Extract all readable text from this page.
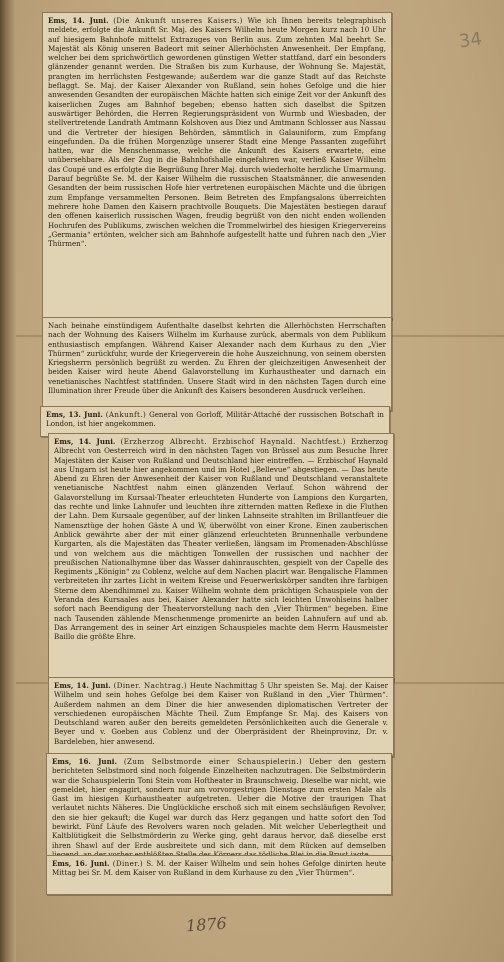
Ems, 14. Juni. (Die Ankunft unseres Kaisers.) Wie ich Ihnen bereits telegraphisch meldete, erfolgte die Ankunft Sr. Maj. des Kaisers Wilhelm heute Morgen kurz nach 10 Uhr auf hiesigem Bahnhofe mittelst Extrazuges von Berlin aus. Zum zehnten Mal beehrt Se. Majestät als König unseren Badeort mit seiner Allerhöchsten Anwesenheit. Der Empfang, welcher bei dem sprichwörtlich gewordenen günstigen Wetter stattfand, darf ein besonders glänzender genannt werden. Die Straßen bis zum Kurhause, der Wohnung Se. Majestät, prangten im herrlichsten Festgewande; außerdem war die ganze Stadt auf das Reichste beflaggt. Se. Maj. der Kaiser Alexander von Rußland, sein hohes Gefolge und die hier anwesenden Gesandten der europäischen Mächte hatten sich einige Zeit vor der Ankunft des kaiserlichen Zuges am Bahnhof begeben; ebenso hatten sich daselbst die Spitzen auswärtiger Behörden, die Herren Regierungspräsident von Wurmb und Wiesbaden, der stellvertretende Landrath Amtmann Kolshoven aus Diez und Amtmann Schlosser aus Nassau und die Vertreter der hiesigen Behörden, sämmtlich in Galauniform, zum Empfang eingefunden. Da die frühen Morgenzüge unserer Stadt eine Menge Passanten zugeführt hatten, war die Menschenmasse, welche die Ankunft des Kaisers erwartete, eine unübersehbare. Als der Zug in die Bahnhofshalle eingefahren war, verließ Kaiser Wilhelm das Coupé und es erfolgte die Begrüßung Ihrer Maj. durch wiederholte herzliche Umarmung. Darauf begrüßte Se. M. der Kaiser Wilhelm die russischen Staatsmänner, die anwesenden Gesandten der beim russischen Hofe hier vertretenen europäischen Mächte und die übrigen zum Empfange versammelten Personen. Beim Betreten des Empfangsalons überreichten mehrere hohe Damen den Kaisern prachtvolle Bouquets. Die Majestäten bestiegen darauf den offenen kaiserlich russischen Wagen, freudig begrüßt von den nicht enden wollenden Hochrufen des Publikums, zwischen welchen die Trommelwirbel des hiesigen Kriegervereins „Germania“ ertönten, welcher sich am Bahnhofe aufgestellt hatte und fuhren nach den „Vier Thürmen“.

Nach beinahe einstündigem Aufenthalte daselbst kehrten die Allerhöchsten Herrschaften nach der Wohnung des Kaisers Wilhelm im Kurhause zurück, abermals von dem Publikum enthusiastisch empfangen. Während Kaiser Alexander nach dem Kurhaus zu den „Vier Thürmen“ zurückfuhr, wurde der Kriegerverein die hohe Auszeichnung, von seinem obersten Kriegsherrn persönlich begrüßt zu werden. Zu Ehren der gleichzeitigen Anwesenheit der beiden Kaiser wird heute Abend Galavorstellung im Kurhaustheater und darnach ein venetianisches Nachtfest stattfinden. Unsere Stadt wird in den nächsten Tagen durch eine Illumination ihrer Freude über die Ankunft des Kaisers besonderen Ausdruck verleihen.

Ems, 13. Juni. (Ankunft.) General von Gorloff, Militär-Attaché der russischen Botschaft in London, ist hier angekommen.

Ems, 14. Juni. (Erzherzog Albrecht. Erzbischof Haynald. Nachtfest.) Erzherzog Albrecht von Oesterreich wird in den nächsten Tagen von Brüssel aus zum Besuche Ihrer Majestäten der Kaiser von Rußland und Deutschland hier eintreffen. — Erzbischof Haynald aus Ungarn ist heute hier angekommen und im Hotel „Bellevue“ abgestiegen. — Das heute Abend zu Ehren der Anwesenheit der Kaiser von Rußland und Deutschland veranstaltete venetianische Nachtfest nahm einen glänzenden Verlauf. Schon während der Galavorstellung im Kursaal-Theater erleuchteten Hunderte von Lampions den Kurgarten, das rechte und linke Lahnufer und leuchten ihre zitternden matten Reflexe in die Fluthen der Lahn. Dem Kursaale gegenüber, auf der linken Lahnseite strahlten im Brillantfeuer die Namensztüge der hohen Gäste A und W, überwölbt von einer Krone. Einen zauberischen Anblick gewährte aber der mit einer glänzend erleuchteten Brunnenhalle verbundene Kurgarten, als die Majestäten das Theater verließen, längsam im Promenaden-Abschlüsse und von welchem aus die mächtigen Tonwellen der russischen und nachher der preußischen Nationalhymne über das Wasser dahinrauschten, gespielt von der Capelle des Regiments „Königin“ zu Coblenz, welche auf dem Nachen placirt war. Bengalische Flammen verbreiteten ihr zartes Licht in weitem Kreise und Feuerwerkskörper sandten ihre farbigen Sterne dem Abendhimmel zu. Kaiser Wilhelm wohnte dem prächtigen Schauspiele von der Veranda des Kursaales aus bei, Kaiser Alexander hatte sich leichten Unwohlseins halber sofort nach Beendigung der Theatervorstellung nach den „Vier Thürmen“ begeben. Eine nach Tausenden zählende Menschenmenge promenirte an beiden Lahnufern auf und ab. Das Arrangement des in seiner Art einzigen Schauspieles machte dem Herrn Hausmeister Baillo die größte Ehre.

Ems, 14. Juni. (Diner. Nachtrag.) Heute Nachmittag 5 Uhr speisten Se. Maj. der Kaiser Wilhelm und sein hohes Gefolge bei dem Kaiser von Rußland in den „Vier Thürmen“. Außerdem nahmen an dem Diner die hier anwesenden diplomatischen Vertreter der verschiedenen europäischen Mächte Theil. Zum Empfange Sr. Maj. des Kaisers von Deutschland waren außer den bereits gemeldeten Persönlichkeiten auch die Generale v. Beyer und v. Goeben aus Coblenz und der Oberpräsident der Rheinprovinz, Dr. v. Bardeleben, hier anwesend.

Ems, 16. Juni. (Zum Selbstmorde einer Schauspielerin.) Ueber den gestern berichteten Selbstmord sind noch folgende Einzelheiten nachzutragen. Die Selbstmörderin war die Schauspielerin Toni Stein vom Hoftheater in Braunschweig. Dieselbe war nicht, wie gemeldet, hier engagirt, sondern nur am vorvorgestrigen Dienstage zum ersten Male als Gast im hiesigen Kurhaustheater aufgetreten. Ueber die Motive der traurigen That verlautet nichts Näheres. Die Unglückliche erschoß sich mit einem sechsläufigen Revolver, den sie hier gekauft; die Kugel war durch das Herz gegangen und hatte sofort den Tod bewirkt. Fünf Läufe des Revolvers waren noch geladen. Mit welcher Ueberlegtheit und Kaltblütigkeit die Selbstmörderin zu Werke ging, geht daraus hervor, daß dieselbe erst ihren Shawl auf der Erde ausbreitete und sich dann, mit dem Rücken auf demselben

Ems, 16. Juni. (Diner.) S. M. der Kaiser Wilhelm und sein hohes Gefolge dinirten heute Mittag bei Sr. M. dem Kaiser von Rußland in dem Kurhause zu den „Vier Thürmen“.

1876
34
